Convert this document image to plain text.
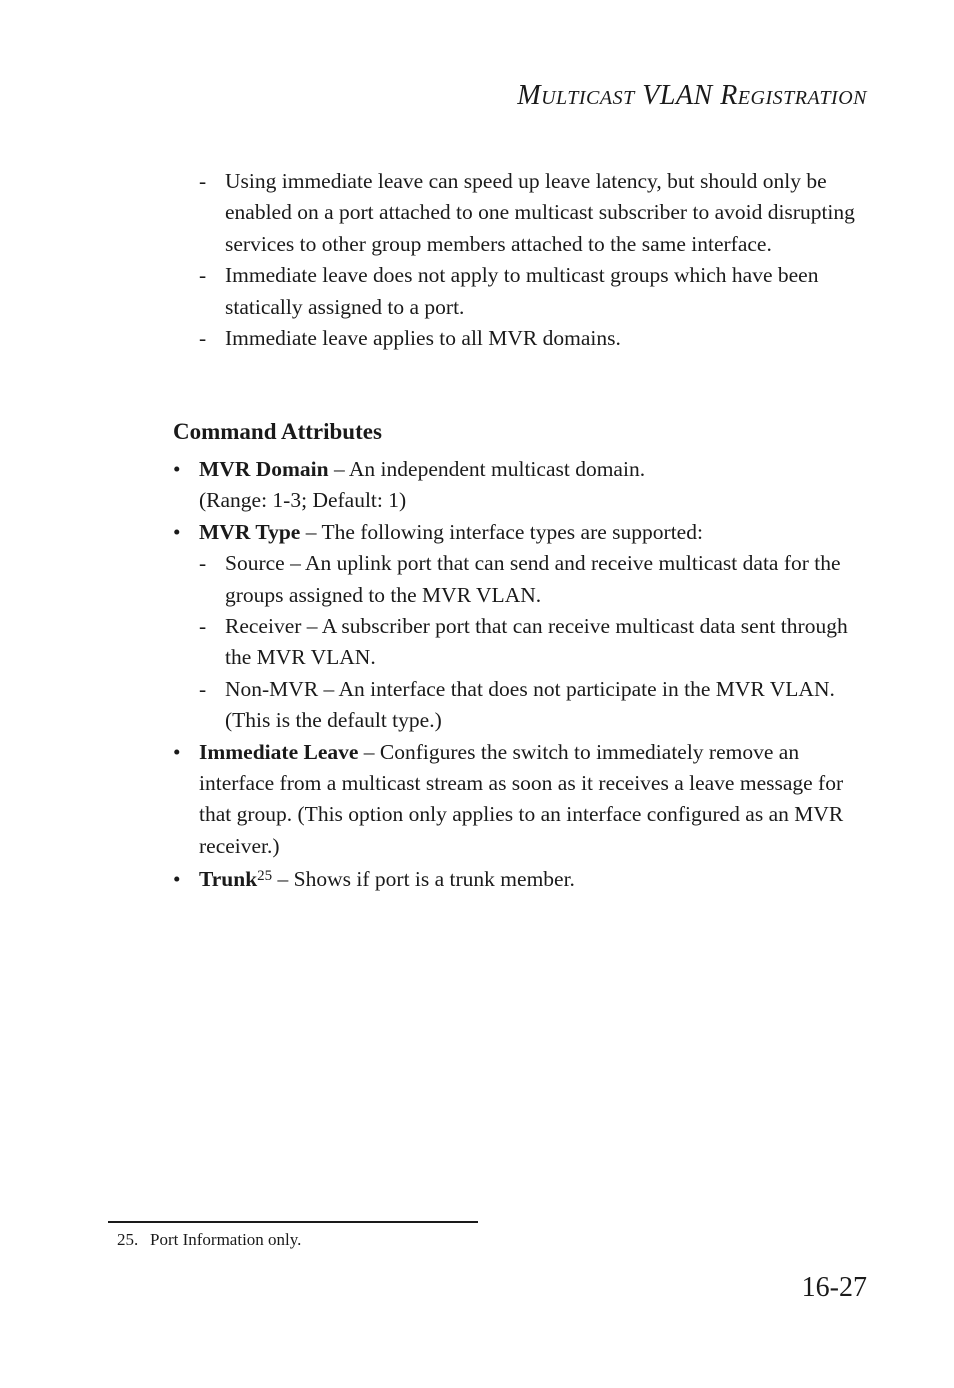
MULTICAST VLAN REGISTRATION
- Using immediate leave can speed up leave latency, but should only be enabled on a port attached to one multicast subscriber to avoid disrupting services to other group members attached to the same interface.
- Immediate leave does not apply to multicast groups which have been statically assigned to a port.
- Immediate leave applies to all MVR domains.
Command Attributes
• MVR Domain – An independent multicast domain.
(Range: 1-3; Default: 1)
• MVR Type – The following interface types are supported:
- Source – An uplink port that can send and receive multicast data for the groups assigned to the MVR VLAN.
- Receiver – A subscriber port that can receive multicast data sent through the MVR VLAN.
- Non-MVR – An interface that does not participate in the MVR VLAN. (This is the default type.)
• Immediate Leave – Configures the switch to immediately remove an interface from a multicast stream as soon as it receives a leave message for that group. (This option only applies to an interface configured as an MVR receiver.)
• Trunk$^{25}$ – Shows if port is a trunk member.
25. Port Information only.
16-27
